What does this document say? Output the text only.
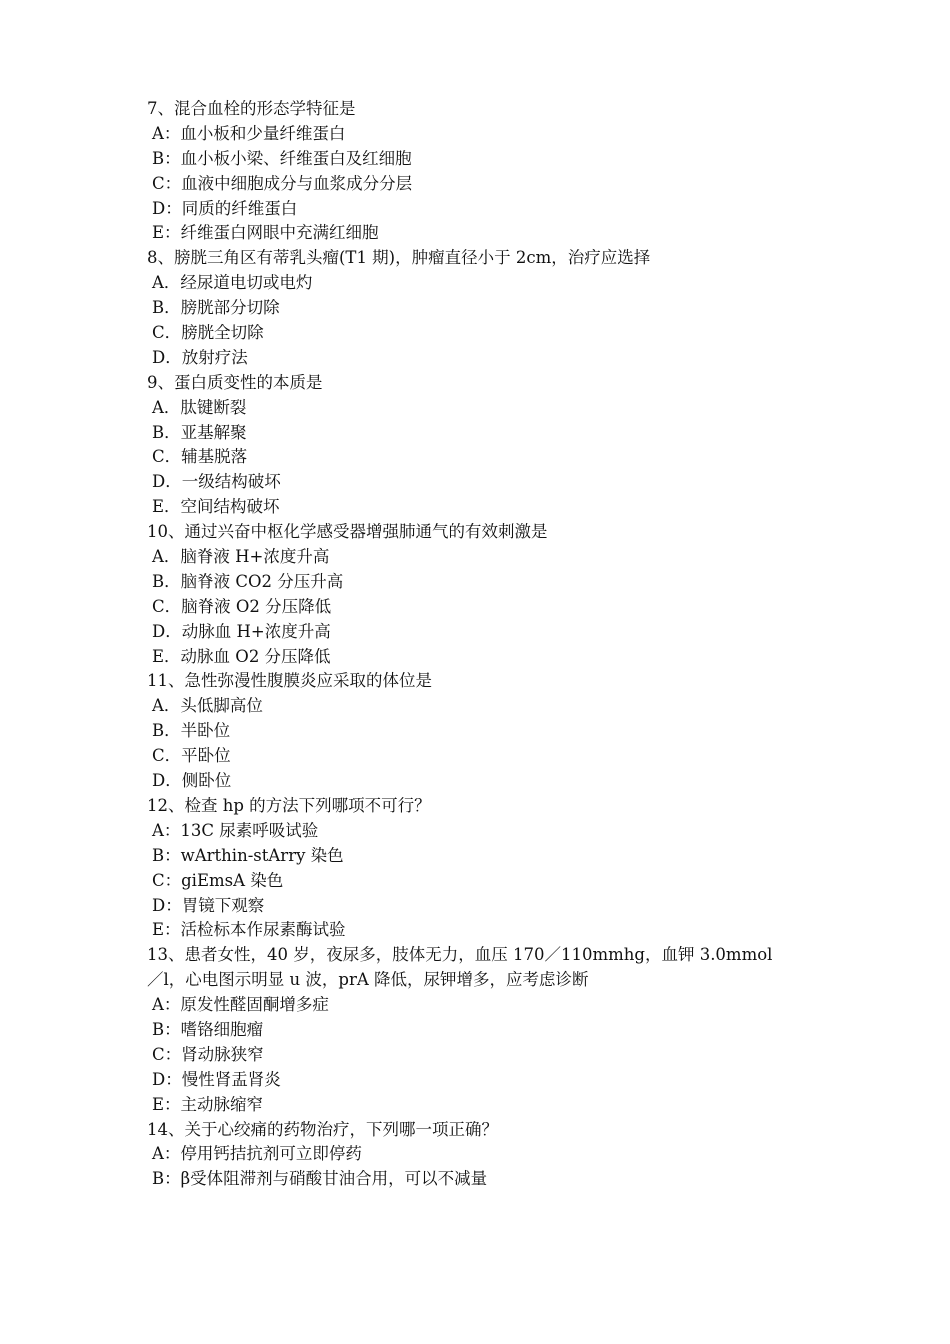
7、混合血栓的形态学特征是
A：血小板和少量纤维蛋白
B：血小板小梁、纤维蛋白及红细胞
C：血液中细胞成分与血浆成分分层
D：同质的纤维蛋白
E：纤维蛋白网眼中充满红细胞
8、膀胱三角区有蒂乳头瘤(T1 期)，肿瘤直径小于 2cm，治疗应选择
A．经尿道电切或电灼
B．膀胱部分切除
C．膀胱全切除
D．放射疗法
9、蛋白质变性的本质是
A．肽键断裂
B．亚基解聚
C．辅基脱落
D．一级结构破坏
E．空间结构破坏
10、通过兴奋中枢化学感受器增强肺通气的有效刺激是
A．脑脊液 H+浓度升高
B．脑脊液 CO2 分压升高
C．脑脊液 O2 分压降低
D．动脉血 H+浓度升高
E．动脉血 O2 分压降低
11、急性弥漫性腹膜炎应采取的体位是
A．头低脚高位
B．半卧位
C．平卧位
D．侧卧位
12、检查 hp 的方法下列哪项不可行？
A：13C 尿素呼吸试验
B：wArthin-stArry 染色
C：giEmsA 染色
D：胃镜下观察
E：活检标本作尿素酶试验
13、患者女性，40 岁，夜尿多，肢体无力，血压 170／110mmhg，血钾 3.0mmol
／l，心电图示明显 u 波，prA 降低，尿钾增多，应考虑诊断
A：原发性醛固酮增多症
B：嗜铬细胞瘤
C：肾动脉狭窄
D：慢性肾盂肾炎
E：主动脉缩窄
14、关于心绞痛的药物治疗，下列哪一项正确？
A：停用钙拮抗剂可立即停药
B：β受体阻滞剂与硝酸甘油合用，可以不减量
